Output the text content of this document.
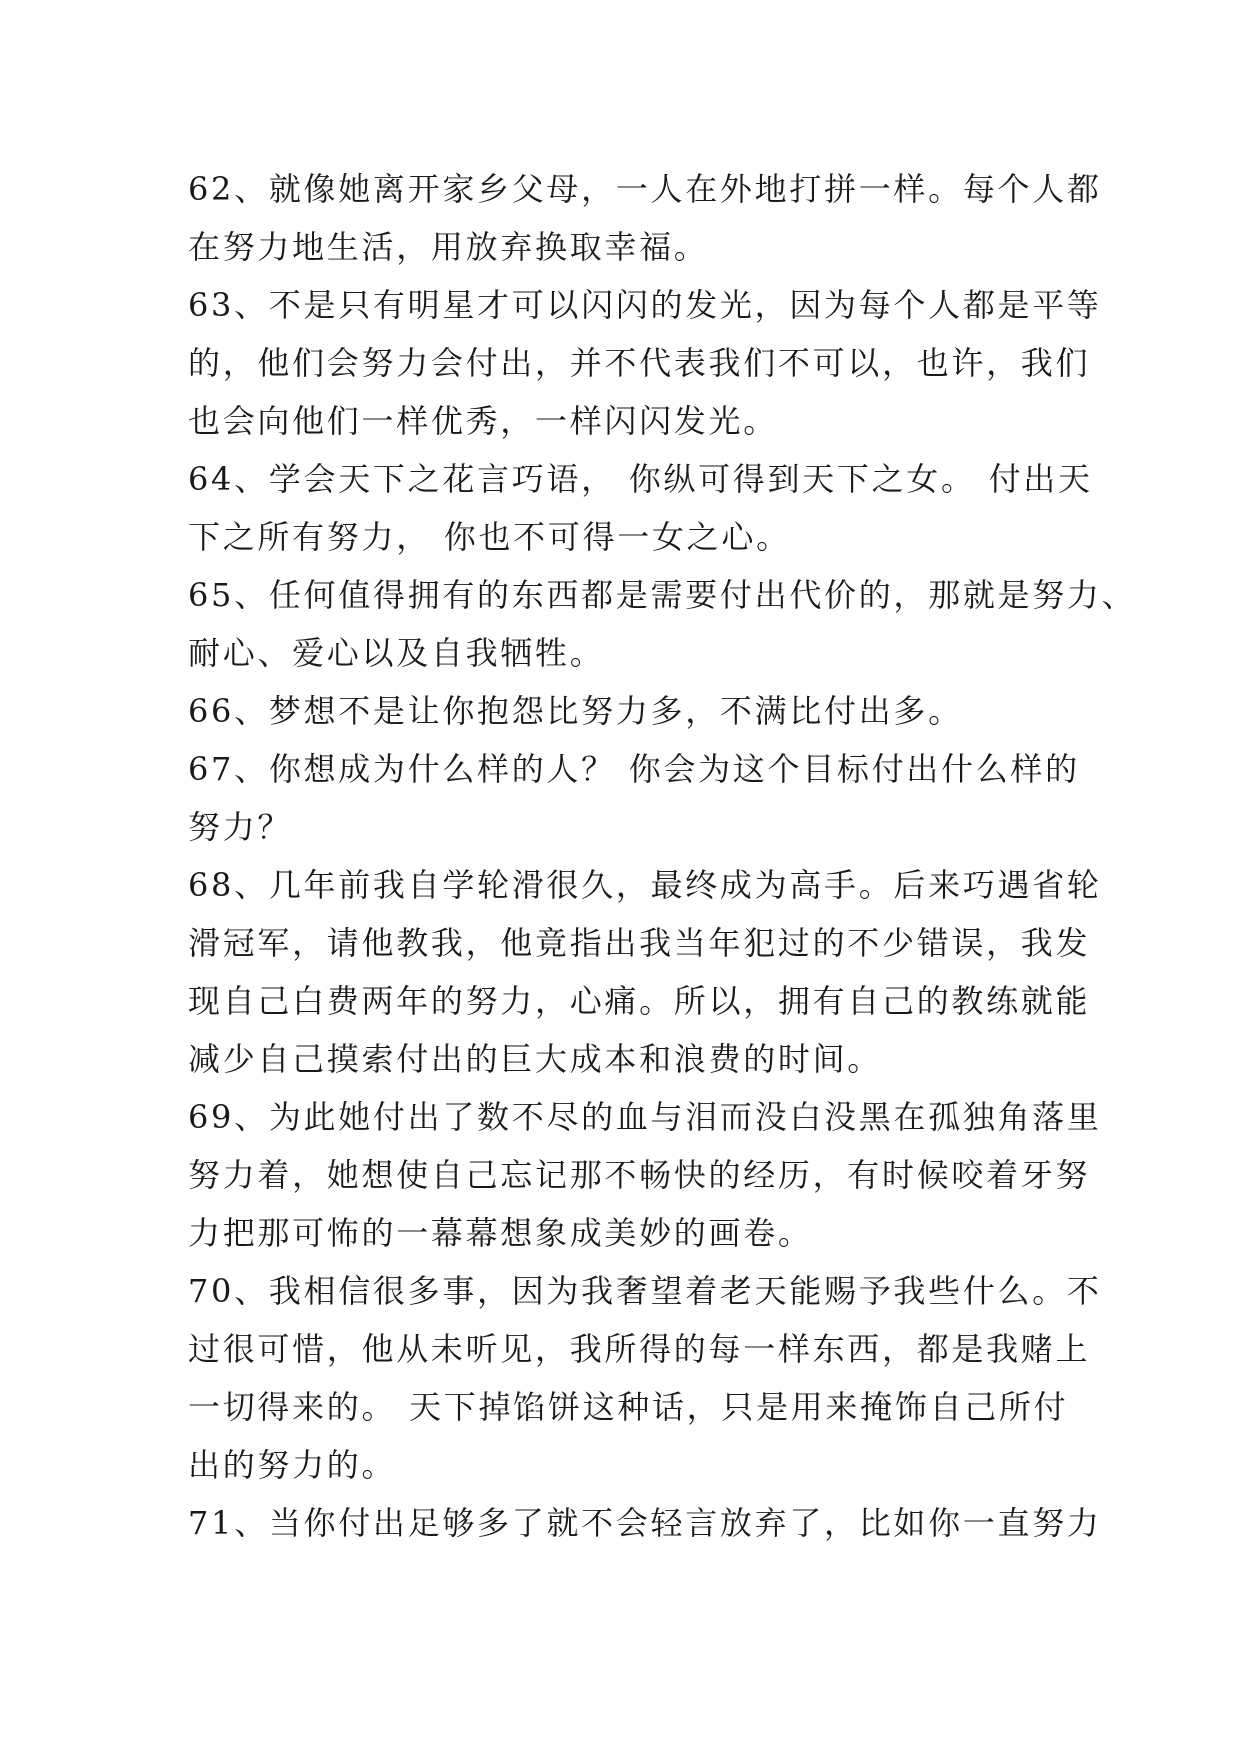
62、就像她离开家乡父母，一人在外地打拼一样。每个人都
在努力地生活，用放弃换取幸福。
63、不是只有明星才可以闪闪的发光，因为每个人都是平等
的，他们会努力会付出，并不代表我们不可以，也许，我们
也会向他们一样优秀，一样闪闪发光。
64、学会天下之花言巧语， 你纵可得到天下之女。 付出天
下之所有努力， 你也不可得一女之心。
65、任何值得拥有的东西都是需要付出代价的，那就是努力、
耐心、爱心以及自我牺牲。
66、梦想不是让你抱怨比努力多，不满比付出多。
67、你想成为什么样的人？ 你会为这个目标付出什么样的
努力？
68、几年前我自学轮滑很久，最终成为高手。后来巧遇省轮
滑冠军，请他教我，他竟指出我当年犯过的不少错误，我发
现自己白费两年的努力，心痛。所以，拥有自己的教练就能
减少自己摸索付出的巨大成本和浪费的时间。
69、为此她付出了数不尽的血与泪而没白没黑在孤独角落里
努力着，她想使自己忘记那不畅快的经历，有时候咬着牙努
力把那可怖的一幕幕想象成美妙的画卷。
70、我相信很多事，因为我奢望着老天能赐予我些什么。不
过很可惜，他从未听见，我所得的每一样东西，都是我赌上
一切得来的。 天下掉馅饼这种话，只是用来掩饰自己所付
出的努力的。
71、当你付出足够多了就不会轻言放弃了，比如你一直努力
